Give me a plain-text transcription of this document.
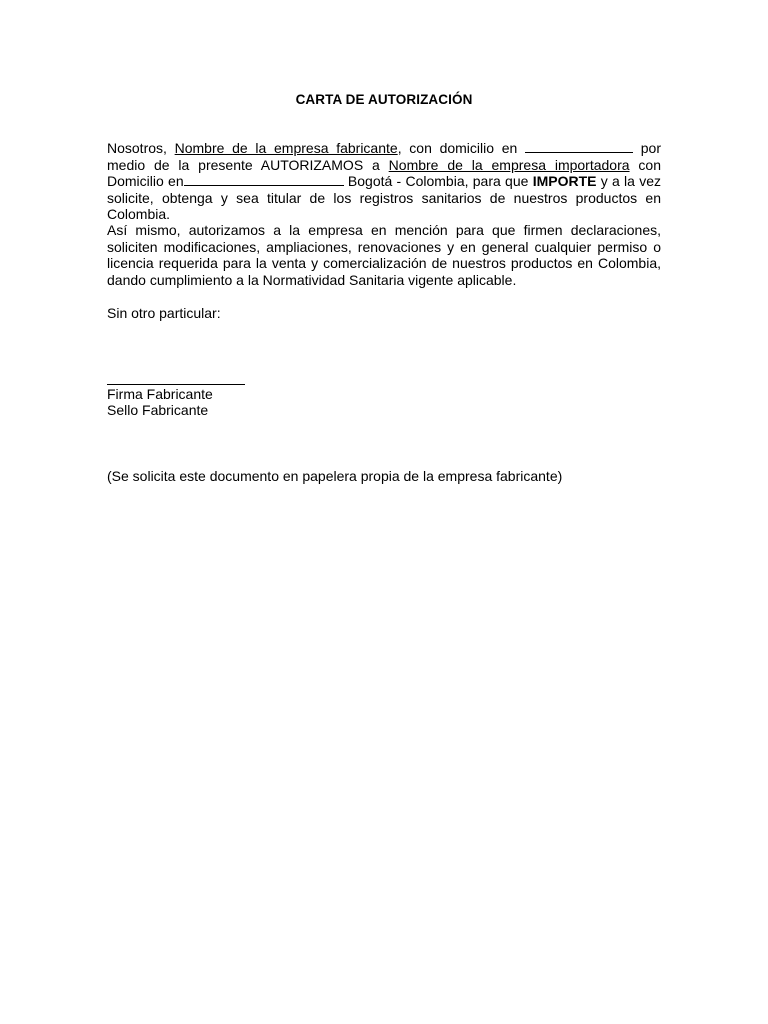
CARTA DE AUTORIZACIÓN
Nosotros, Nombre de la empresa fabricante, con domicilio en	por medio de la presente AUTORIZAMOS a Nombre de la empresa importadora con Domicilio en	Bogotá - Colombia, para que IMPORTE y a la vez solicite, obtenga y sea titular de los registros sanitarios de nuestros productos en Colombia.
Así mismo, autorizamos a la empresa en mención para que firmen declaraciones, soliciten modificaciones, ampliaciones, renovaciones y en general cualquier permiso o licencia requerida para la venta y comercialización de nuestros productos en Colombia, dando cumplimiento a la Normatividad Sanitaria vigente aplicable.
Sin otro particular:
Firma Fabricante
Sello Fabricante
(Se solicita este documento en papelera propia de la empresa fabricante)
